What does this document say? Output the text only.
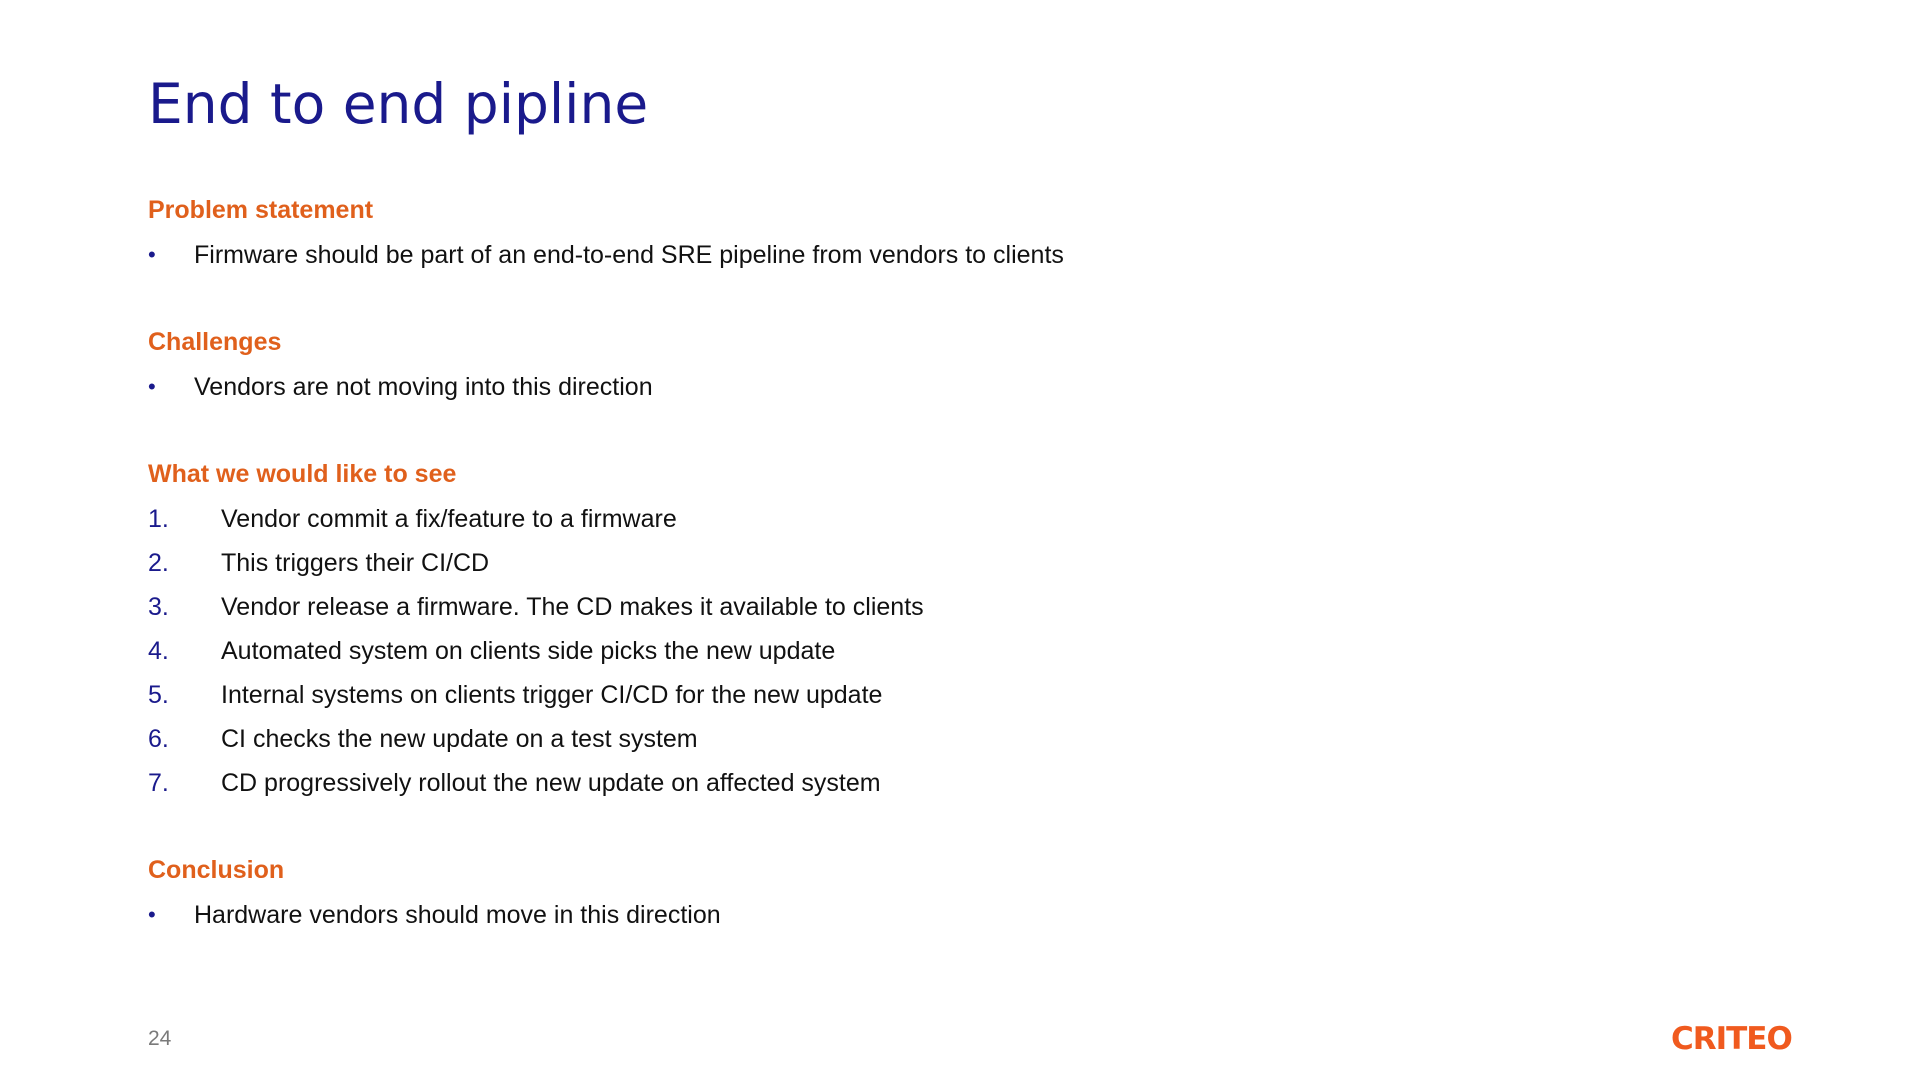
End to end pipline
Problem statement
• Firmware should be part of an end-to-end SRE pipeline from vendors to clients
Challenges
• Vendors are not moving into this direction
What we would like to see
1. Vendor commit a fix/feature to a firmware
2. This triggers their CI/CD
3. Vendor release a firmware. The CD makes it available to clients
4. Automated system on clients side picks the new update
5. Internal systems on clients trigger CI/CD for the new update
6. CI checks the new update on a test system
7. CD progressively rollout the new update on affected system
Conclusion
• Hardware vendors should move in this direction
24	CRITEO
